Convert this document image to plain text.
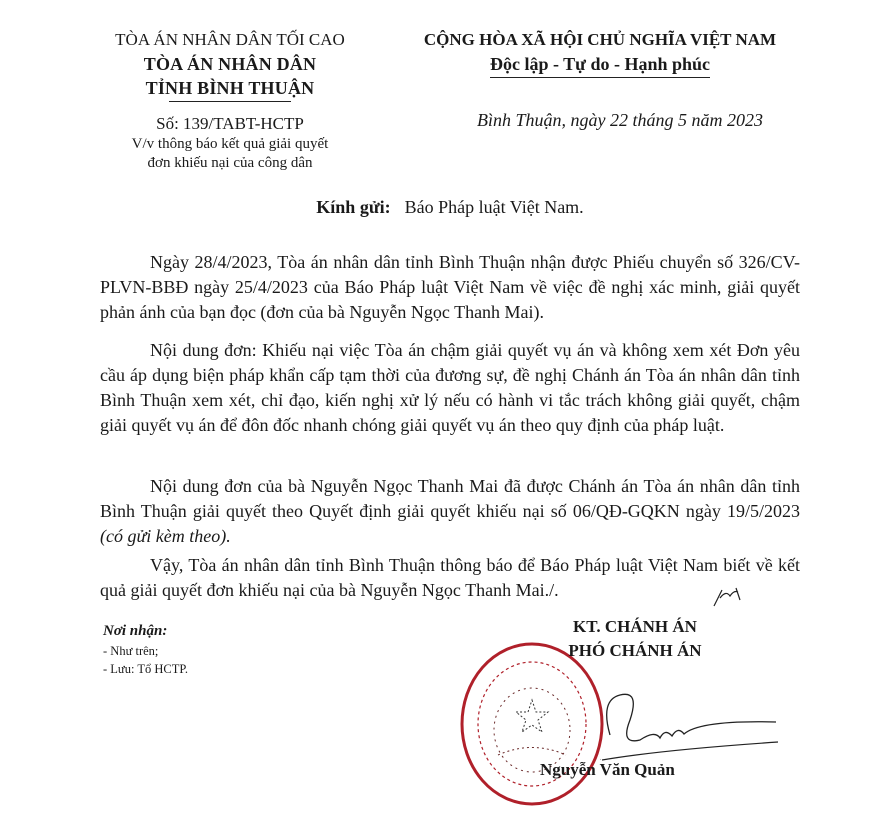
TÒA ÁN NHÂN DÂN TỐI CAO
TÒA ÁN NHÂN DÂN
TỈNH BÌNH THUẬN
Số: 139/TABT-HCTP
V/v thông báo kết quả giải quyết
đơn khiếu nại của công dân
CỘNG HÒA XÃ HỘI CHỦ NGHĨA VIỆT NAM
Độc lập - Tự do - Hạnh phúc
Bình Thuận, ngày 22 tháng 5 năm 2023
Kính gửi: Báo Pháp luật Việt Nam.

Ngày 28/4/2023, Tòa án nhân dân tỉnh Bình Thuận nhận được Phiếu chuyển số 326/CV-PLVN-BBĐ ngày 25/4/2023 của Báo Pháp luật Việt Nam về việc đề nghị xác minh, giải quyết phản ánh của bạn đọc (đơn của bà Nguyễn Ngọc Thanh Mai).

Nội dung đơn: Khiếu nại việc Tòa án chậm giải quyết vụ án và không xem xét Đơn yêu cầu áp dụng biện pháp khẩn cấp tạm thời của đương sự, đề nghị Chánh án Tòa án nhân dân tỉnh Bình Thuận xem xét, chỉ đạo, kiến nghị xử lý nếu có hành vi tắc trách không giải quyết, chậm giải quyết vụ án để đôn đốc nhanh chóng giải quyết vụ án theo quy định của pháp luật.

Nội dung đơn của bà Nguyễn Ngọc Thanh Mai đã được Chánh án Tòa án nhân dân tỉnh Bình Thuận giải quyết theo Quyết định giải quyết khiếu nại số 06/QĐ-GQKN ngày 19/5/2023 (có gửi kèm theo).

Vậy, Tòa án nhân dân tỉnh Bình Thuận thông báo để Báo Pháp luật Việt Nam biết về kết quả giải quyết đơn khiếu nại của bà Nguyễn Ngọc Thanh Mai./.

Nơi nhận:
- Như trên;
- Lưu: Tổ HCTP.
KT. CHÁNH ÁN
PHÓ CHÁNH ÁN
Nguyễn Văn Quản
